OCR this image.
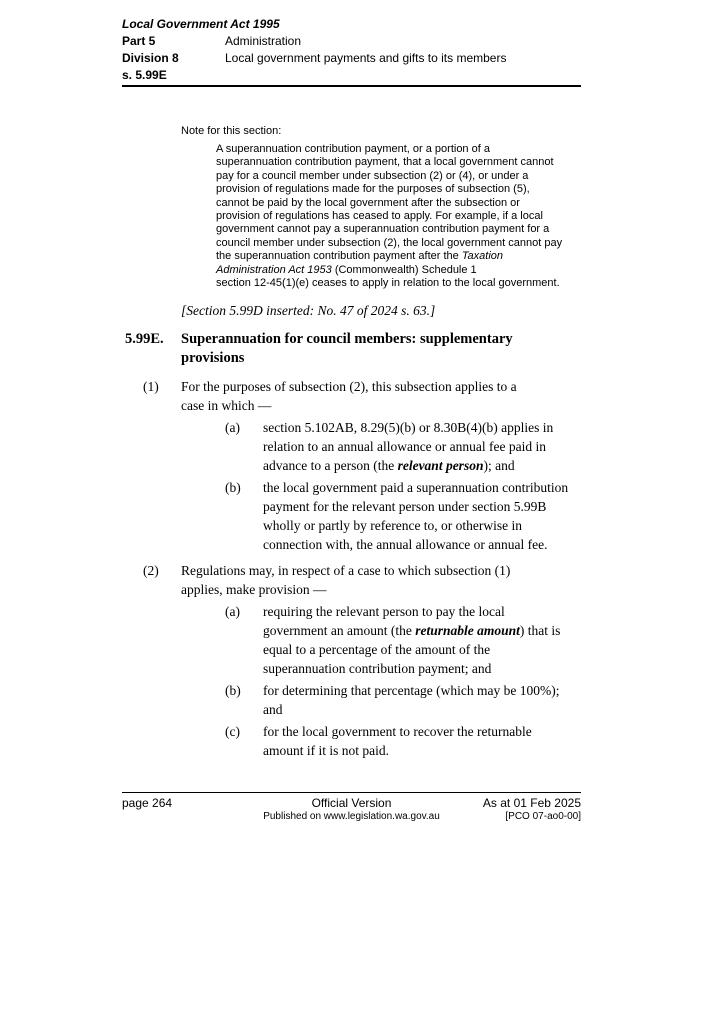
Local Government Act 1995
Part 5	Administration
Division 8	Local government payments and gifts to its members
s. 5.99E
Note for this section:
A superannuation contribution payment, or a portion of a
superannuation contribution payment, that a local government cannot
pay for a council member under subsection (2) or (4), or under a
provision of regulations made for the purposes of subsection (5),
cannot be paid by the local government after the subsection or
provision of regulations has ceased to apply. For example, if a local
government cannot pay a superannuation contribution payment for a
council member under subsection (2), the local government cannot pay
the superannuation contribution payment after the Taxation
Administration Act 1953 (Commonwealth) Schedule 1
section 12-45(1)(e) ceases to apply in relation to the local government.
[Section 5.99D inserted: No. 47 of 2024 s. 63.]
5.99E.	Superannuation for council members: supplementary
provisions
(1)	For the purposes of subsection (2), this subsection applies to a
case in which —
(a)	section 5.102AB, 8.29(5)(b) or 8.30B(4)(b) applies in
relation to an annual allowance or annual fee paid in
advance to a person (the relevant person); and
(b)	the local government paid a superannuation contribution
payment for the relevant person under section 5.99B
wholly or partly by reference to, or otherwise in
connection with, the annual allowance or annual fee.
(2)	Regulations may, in respect of a case to which subsection (1)
applies, make provision —
(a)	requiring the relevant person to pay the local
government an amount (the returnable amount) that is
equal to a percentage of the amount of the
superannuation contribution payment; and
(b)	for determining that percentage (which may be 100%);
and
(c)	for the local government to recover the returnable
amount if it is not paid.
page 264	Official Version
Published on www.legislation.wa.gov.au
As at 01 Feb 2025
[PCO 07-ao0-00]
